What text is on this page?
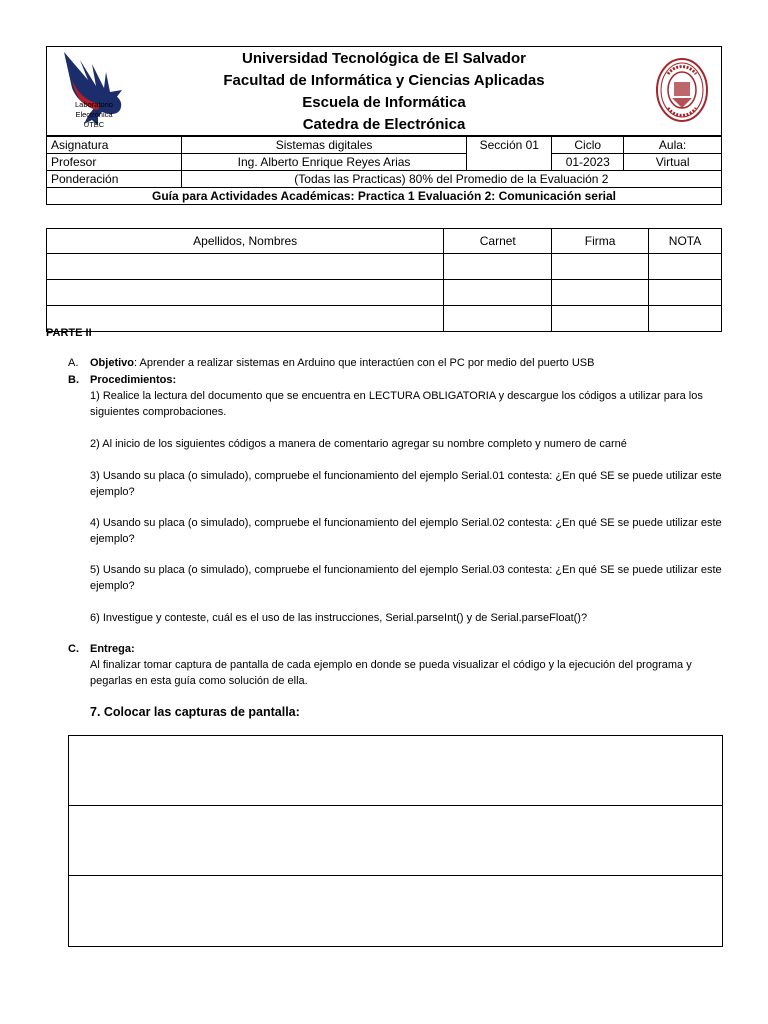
Laboratorio
Electrónica
UTEC
Universidad Tecnológica de El Salvador
Facultad de Informática y Ciencias Aplicadas
Escuela de Informática
Catedra de Electrónica
Asignatura	Sistemas digitales	Sección 01	Ciclo	Aula:
Profesor	Ing. Alberto Enrique Reyes Arias		01-2023	Virtual
Ponderación	(Todas las Practicas) 80% del Promedio de la Evaluación 2			
Guía para Actividades Académicas: Practica 1 Evaluación 2: Comunicación serial				
Apellidos, Nombres	Carnet	Firma	NOTA

PARTE II
A. Objetivo: Aprender a realizar sistemas en Arduino que interactúen con el PC por medio del puerto USB
B. Procedimientos:
1) Realice la lectura del documento que se encuentra en LECTURA OBLIGATORIA y descargue los códigos a utilizar para los siguientes comprobaciones.
2) Al inicio de los siguientes códigos a manera de comentario agregar su nombre completo y numero de carné
3) Usando su placa (o simulado), compruebe el funcionamiento del ejemplo Serial.01 contesta: ¿En qué SE se puede utilizar este ejemplo?
4) Usando su placa (o simulado), compruebe el funcionamiento del ejemplo Serial.02 contesta: ¿En qué SE se puede utilizar este ejemplo?
5) Usando su placa (o simulado), compruebe el funcionamiento del ejemplo Serial.03 contesta: ¿En qué SE se puede utilizar este ejemplo?
6) Investigue y conteste, cuál es el uso de las instrucciones, Serial.parseInt() y de Serial.parseFloat()?
C. Entrega:
Al finalizar tomar captura de pantalla de cada ejemplo en donde se pueda visualizar el código y la ejecución del programa y pegarlas en esta guía como solución de ella.
7. Colocar las capturas de pantalla:
